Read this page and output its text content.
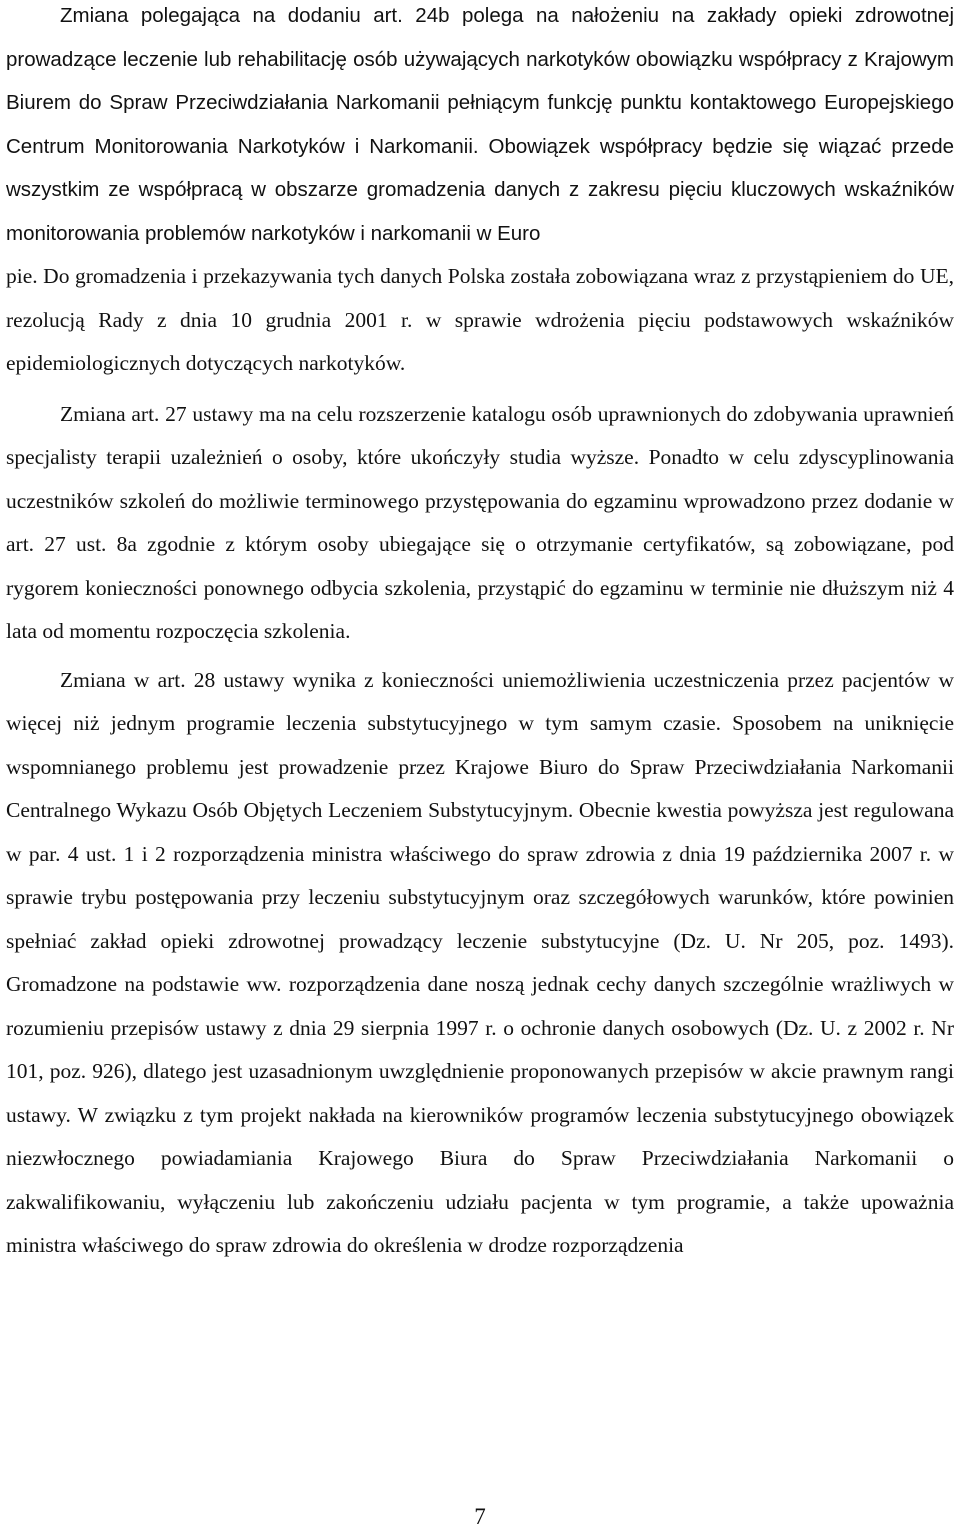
Zmiana polegająca na dodaniu art. 24b polega na nałożeniu na zakłady opieki zdrowotnej prowadzące leczenie lub rehabilitację osób używających narkotyków obowiązku współpracy z Krajowym Biurem do Spraw Przeciwdziałania Narkomanii pełniącym funkcję punktu kontaktowego Europejskiego Centrum Monitorowania Narkotyków i Narkomanii. Obowiązek współpracy będzie się wiązać przede wszystkim ze współpracą w obszarze gromadzenia danych z zakresu pięciu kluczowych wskaźników monitorowania problemów narkotyków i narkomanii w Euro

pie. Do gromadzenia i przekazywania tych danych Polska została zobowiązana wraz z przystąpieniem do UE, rezolucją Rady z dnia 10 grudnia 2001 r. w sprawie wdrożenia pięciu podstawowych wskaźników epidemiologicznych dotyczących narkotyków.

Zmiana art. 27 ustawy ma na celu rozszerzenie katalogu osób uprawnionych do zdobywania uprawnień specjalisty terapii uzależnień o osoby, które ukończyły studia wyższe. Ponadto w celu zdyscyplinowania uczestników szkoleń do możliwie terminowego przystępowania do egzaminu wprowadzono przez dodanie w art. 27 ust. 8a zgodnie z którym osoby ubiegające się o otrzymanie certyfikatów, są zobowiązane, pod rygorem konieczności ponownego odbycia szkolenia, przystąpić do egzaminu w terminie nie dłuższym niż 4 lata od momentu rozpoczęcia szkolenia.

Zmiana w art. 28 ustawy wynika z konieczności uniemożliwienia uczestniczenia przez pacjentów w więcej niż jednym programie leczenia substytucyjnego w tym samym czasie. Sposobem na uniknięcie wspomnianego problemu jest prowadzenie przez Krajowe Biuro do Spraw Przeciwdziałania Narkomanii Centralnego Wykazu Osób Objętych Leczeniem Substytucyjnym. Obecnie kwestia powyższa jest regulowana w par. 4 ust. 1 i 2 rozporządzenia ministra właściwego do spraw zdrowia z dnia 19 października 2007 r. w sprawie trybu postępowania przy leczeniu substytucyjnym oraz szczegółowych warunków, które powinien spełniać zakład opieki zdrowotnej prowadzący leczenie substytucyjne (Dz. U. Nr 205, poz. 1493). Gromadzone na podstawie ww. rozporządzenia dane noszą jednak cechy danych szczególnie wrażliwych w rozumieniu przepisów ustawy z dnia 29 sierpnia 1997 r. o ochronie danych osobowych (Dz. U. z 2002 r. Nr 101, poz. 926), dlatego jest uzasadnionym uwzględnienie proponowanych przepisów w akcie prawnym rangi ustawy. W związku z tym projekt nakłada na kierowników programów leczenia substytucyjnego obowiązek niezwłocznego powiadamiania Krajowego Biura do Spraw Przeciwdziałania Narkomanii o zakwalifikowaniu, wyłączeniu lub zakończeniu udziału pacjenta w tym programie, a także upoważnia ministra właściwego do spraw zdrowia do określenia w drodze rozporządzenia

7
